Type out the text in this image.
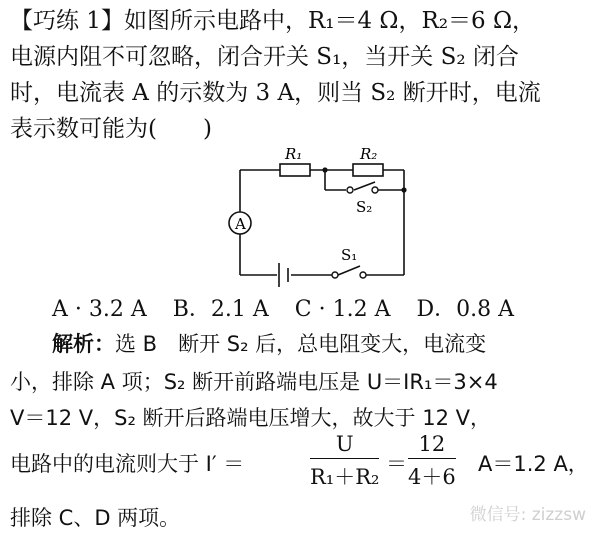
【巧练 1】如图所示电路中，R₁＝4 Ω，R₂＝6 Ω，
电源内阻不可忽略，闭合开关 S₁，当开关 S₂ 闭合
时，电流表 A 的示数为 3 A，则当 S₂ 断开时，电流
表示数可能为(　　)
R₁	R₂
S₂
S₁
A
A · 3.2 A B．2.1 A C · 1.2 A D．0.8 A
解析：选 B　断开 S₂ 后，总电阻变大，电流变
小，排除 A 项；S₂ 断开前路端电压是 U＝IR₁＝3×4
V＝12 V，S₂ 断开后路端电压增大，故大于 12 V，
电路中的电流则大于 I′ ＝	$\frac{U}{\text{R₁＋R₂}} = \frac{12}{4+6} A=1.2$ A，
排除 C、D 两项。	微信号: zizzsw
